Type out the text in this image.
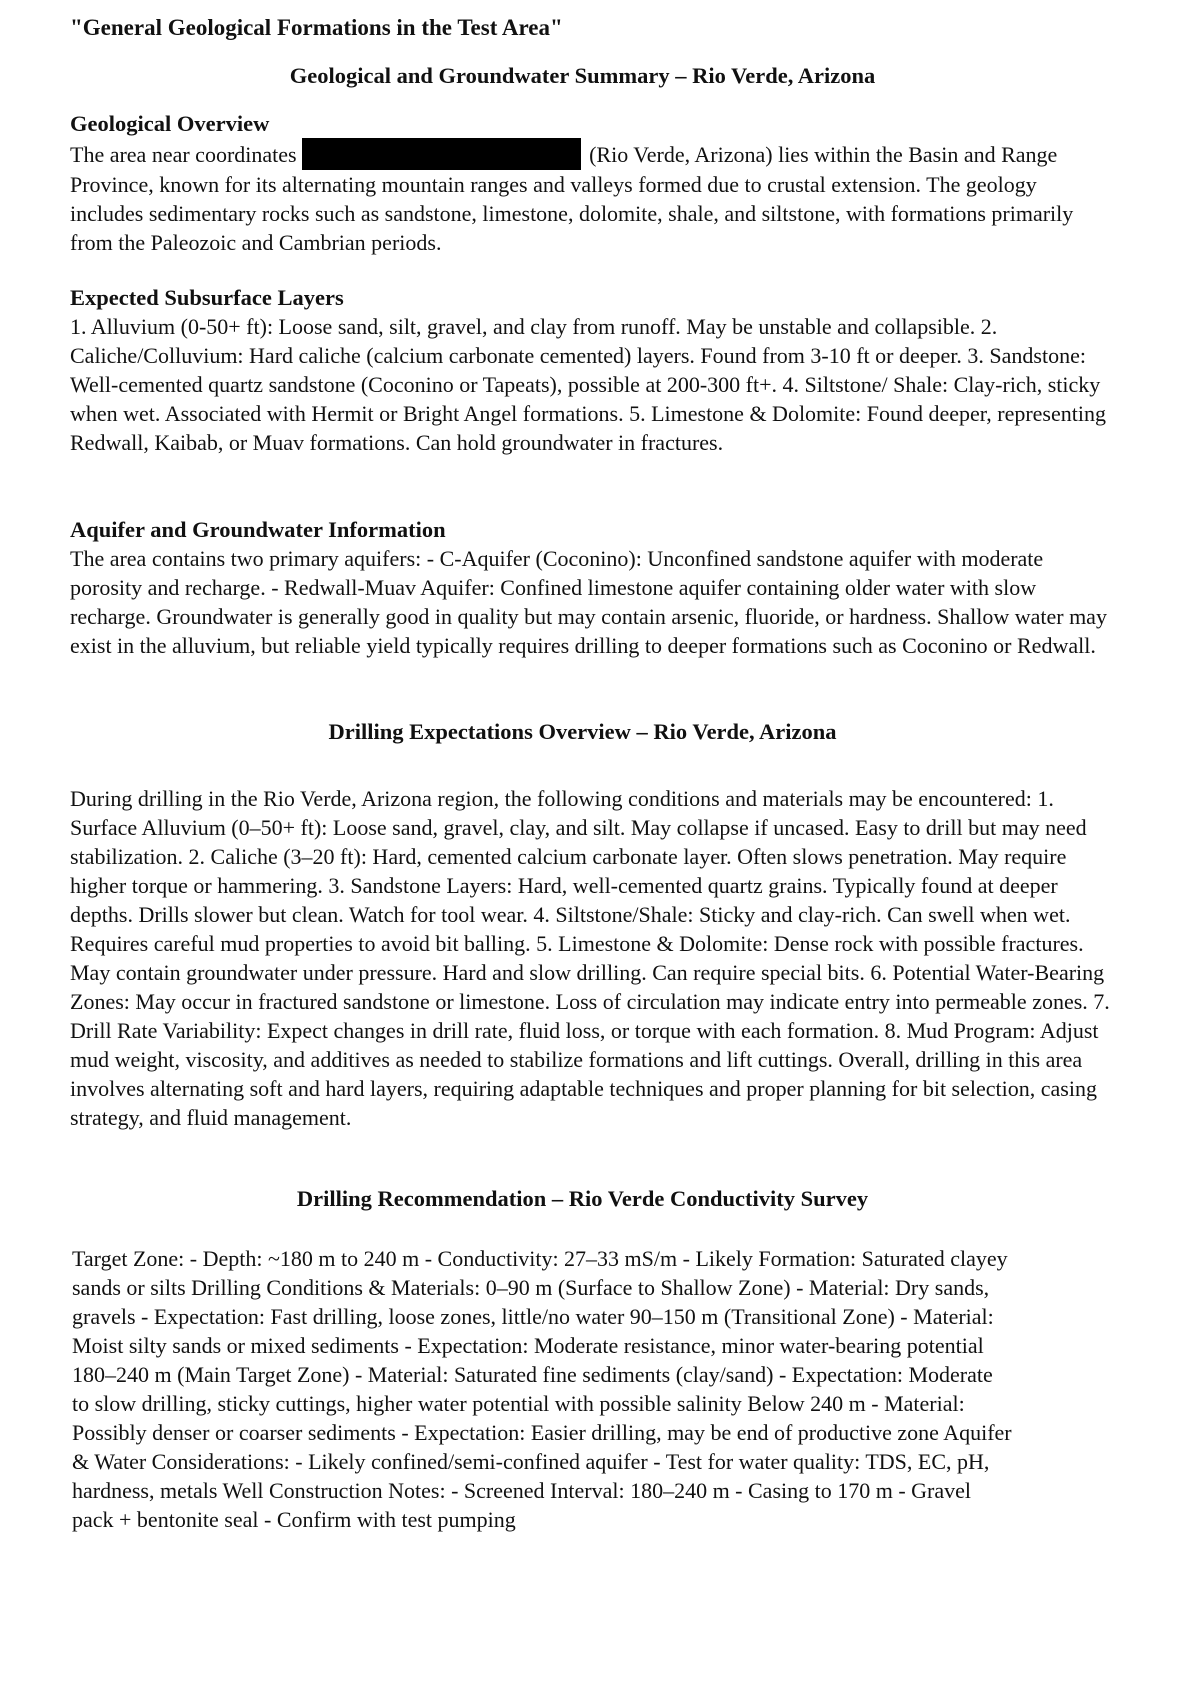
"General Geological Formations in the Test Area"
Geological and Groundwater Summary – Rio Verde, Arizona
Geological Overview

The area near coordinates	(Rio Verde, Arizona) lies within the Basin and Range Province, known for its alternating mountain ranges and valleys formed due to crustal extension. The geology includes sedimentary rocks such as sandstone, limestone, dolomite, shale, and siltstone, with formations primarily from the Paleozoic and Cambrian periods.

Expected Subsurface Layers

1. Alluvium (0-50+ ft): Loose sand, silt, gravel, and clay from runoff. May be unstable and collapsible. 2. Caliche/Colluvium: Hard caliche (calcium carbonate cemented) layers. Found from 3-10 ft or deeper. 3. Sandstone: Well-cemented quartz sandstone (Coconino or Tapeats), possible at 200-300 ft+. 4. Siltstone/ Shale: Clay-rich, sticky when wet. Associated with Hermit or Bright Angel formations. 5. Limestone & Dolomite: Found deeper, representing Redwall, Kaibab, or Muav formations. Can hold groundwater in fractures.

Aquifer and Groundwater Information

The area contains two primary aquifers: - C-Aquifer (Coconino): Unconfined sandstone aquifer with moderate porosity and recharge. - Redwall-Muav Aquifer: Confined limestone aquifer containing older water with slow recharge. Groundwater is generally good in quality but may contain arsenic, fluoride, or hardness. Shallow water may exist in the alluvium, but reliable yield typically requires drilling to deeper formations such as Coconino or Redwall.

Drilling Expectations Overview – Rio Verde, Arizona

During drilling in the Rio Verde, Arizona region, the following conditions and materials may be encountered: 1. Surface Alluvium (0–50+ ft): Loose sand, gravel, clay, and silt. May collapse if uncased. Easy to drill but may need stabilization. 2. Caliche (3–20 ft): Hard, cemented calcium carbonate layer. Often slows penetration. May require higher torque or hammering. 3. Sandstone Layers: Hard, well-cemented quartz grains. Typically found at deeper depths. Drills slower but clean. Watch for tool wear. 4. Siltstone/Shale: Sticky and clay-rich. Can swell when wet. Requires careful mud properties to avoid bit balling. 5. Limestone & Dolomite: Dense rock with possible fractures. May contain groundwater under pressure. Hard and slow drilling. Can require special bits. 6. Potential Water-Bearing Zones: May occur in fractured sandstone or limestone. Loss of circulation may indicate entry into permeable zones. 7. Drill Rate Variability: Expect changes in drill rate, fluid loss, or torque with each formation. 8. Mud Program: Adjust mud weight, viscosity, and additives as needed to stabilize formations and lift cuttings. Overall, drilling in this area involves alternating soft and hard layers, requiring adaptable techniques and proper planning for bit selection, casing strategy, and fluid management.

Drilling Recommendation – Rio Verde Conductivity Survey

Target Zone: - Depth: ~180 m to 240 m - Conductivity: 27–33 mS/m - Likely Formation: Saturated clayey sands or silts Drilling Conditions & Materials: 0–90 m (Surface to Shallow Zone) - Material: Dry sands, gravels - Expectation: Fast drilling, loose zones, little/no water 90–150 m (Transitional Zone) - Material: Moist silty sands or mixed sediments - Expectation: Moderate resistance, minor water-bearing potential 180–240 m (Main Target Zone) - Material: Saturated fine sediments (clay/sand) - Expectation: Moderate to slow drilling, sticky cuttings, higher water potential with possible salinity Below 240 m - Material: Possibly denser or coarser sediments - Expectation: Easier drilling, may be end of productive zone Aquifer & Water Considerations: - Likely confined/semi-confined aquifer - Test for water quality: TDS, EC, pH, hardness, metals Well Construction Notes: - Screened Interval: 180–240 m - Casing to 170 m - Gravel pack + bentonite seal - Confirm with test pumping
